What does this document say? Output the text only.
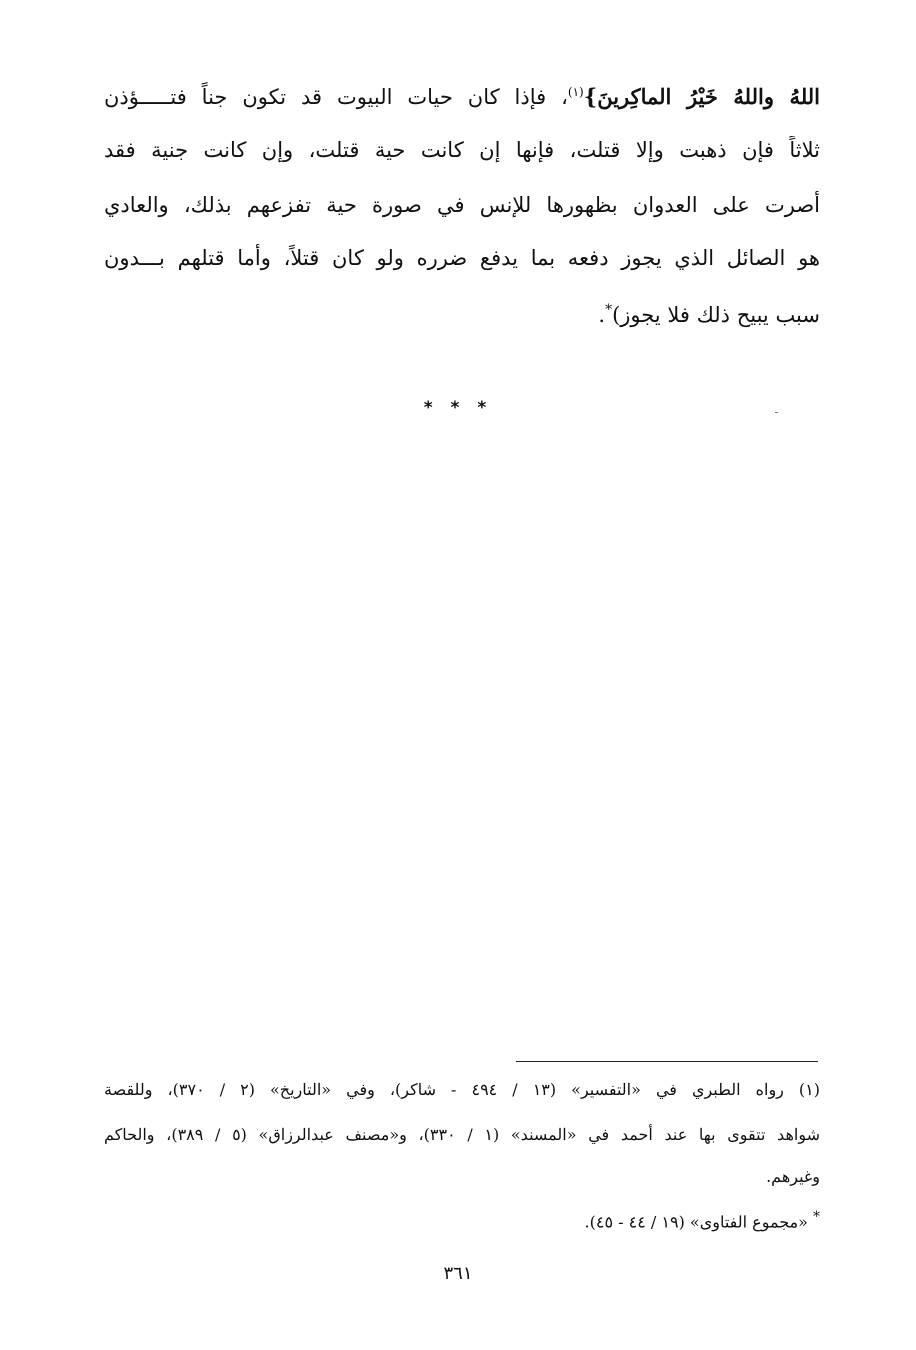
اللهُ واللهُ خَيْرُ الماكِرينَ}$^{(١)}$، فإذا كان حيات البيوت قد تكون جناً فتـــــؤذن
ثلاثاً فإن ذهبت وإلا قتلت، فإنها إن كانت حية قتلت، وإن كانت جنية فقد
أصرت على العدوان بظهورها للإنس في صورة حية تفزعهم بذلك، والعادي
هو الصائل الذي يجوز دفعه بما يدفع ضرره ولو كان قتلاً، وأما قتلهم بـــدون
سبب يبيح ذلك فلا يجوز)*.
* * *
(١) رواه الطبري في «التفسير» (١٣ / ٤٩٤ - شاكر)، وفي «التاريخ» (٢ / ٣٧٠)، وللقصة
شواهد تتقوى بها عند أحمد في «المسند» (١ / ٣٣٠)، و«مصنف عبدالرزاق» (٥ / ٣٨٩)، والحاكم
وغيرهم.
* «مجموع الفتاوى» (١٩ / ٤٤ - ٤٥).
٣٦١
